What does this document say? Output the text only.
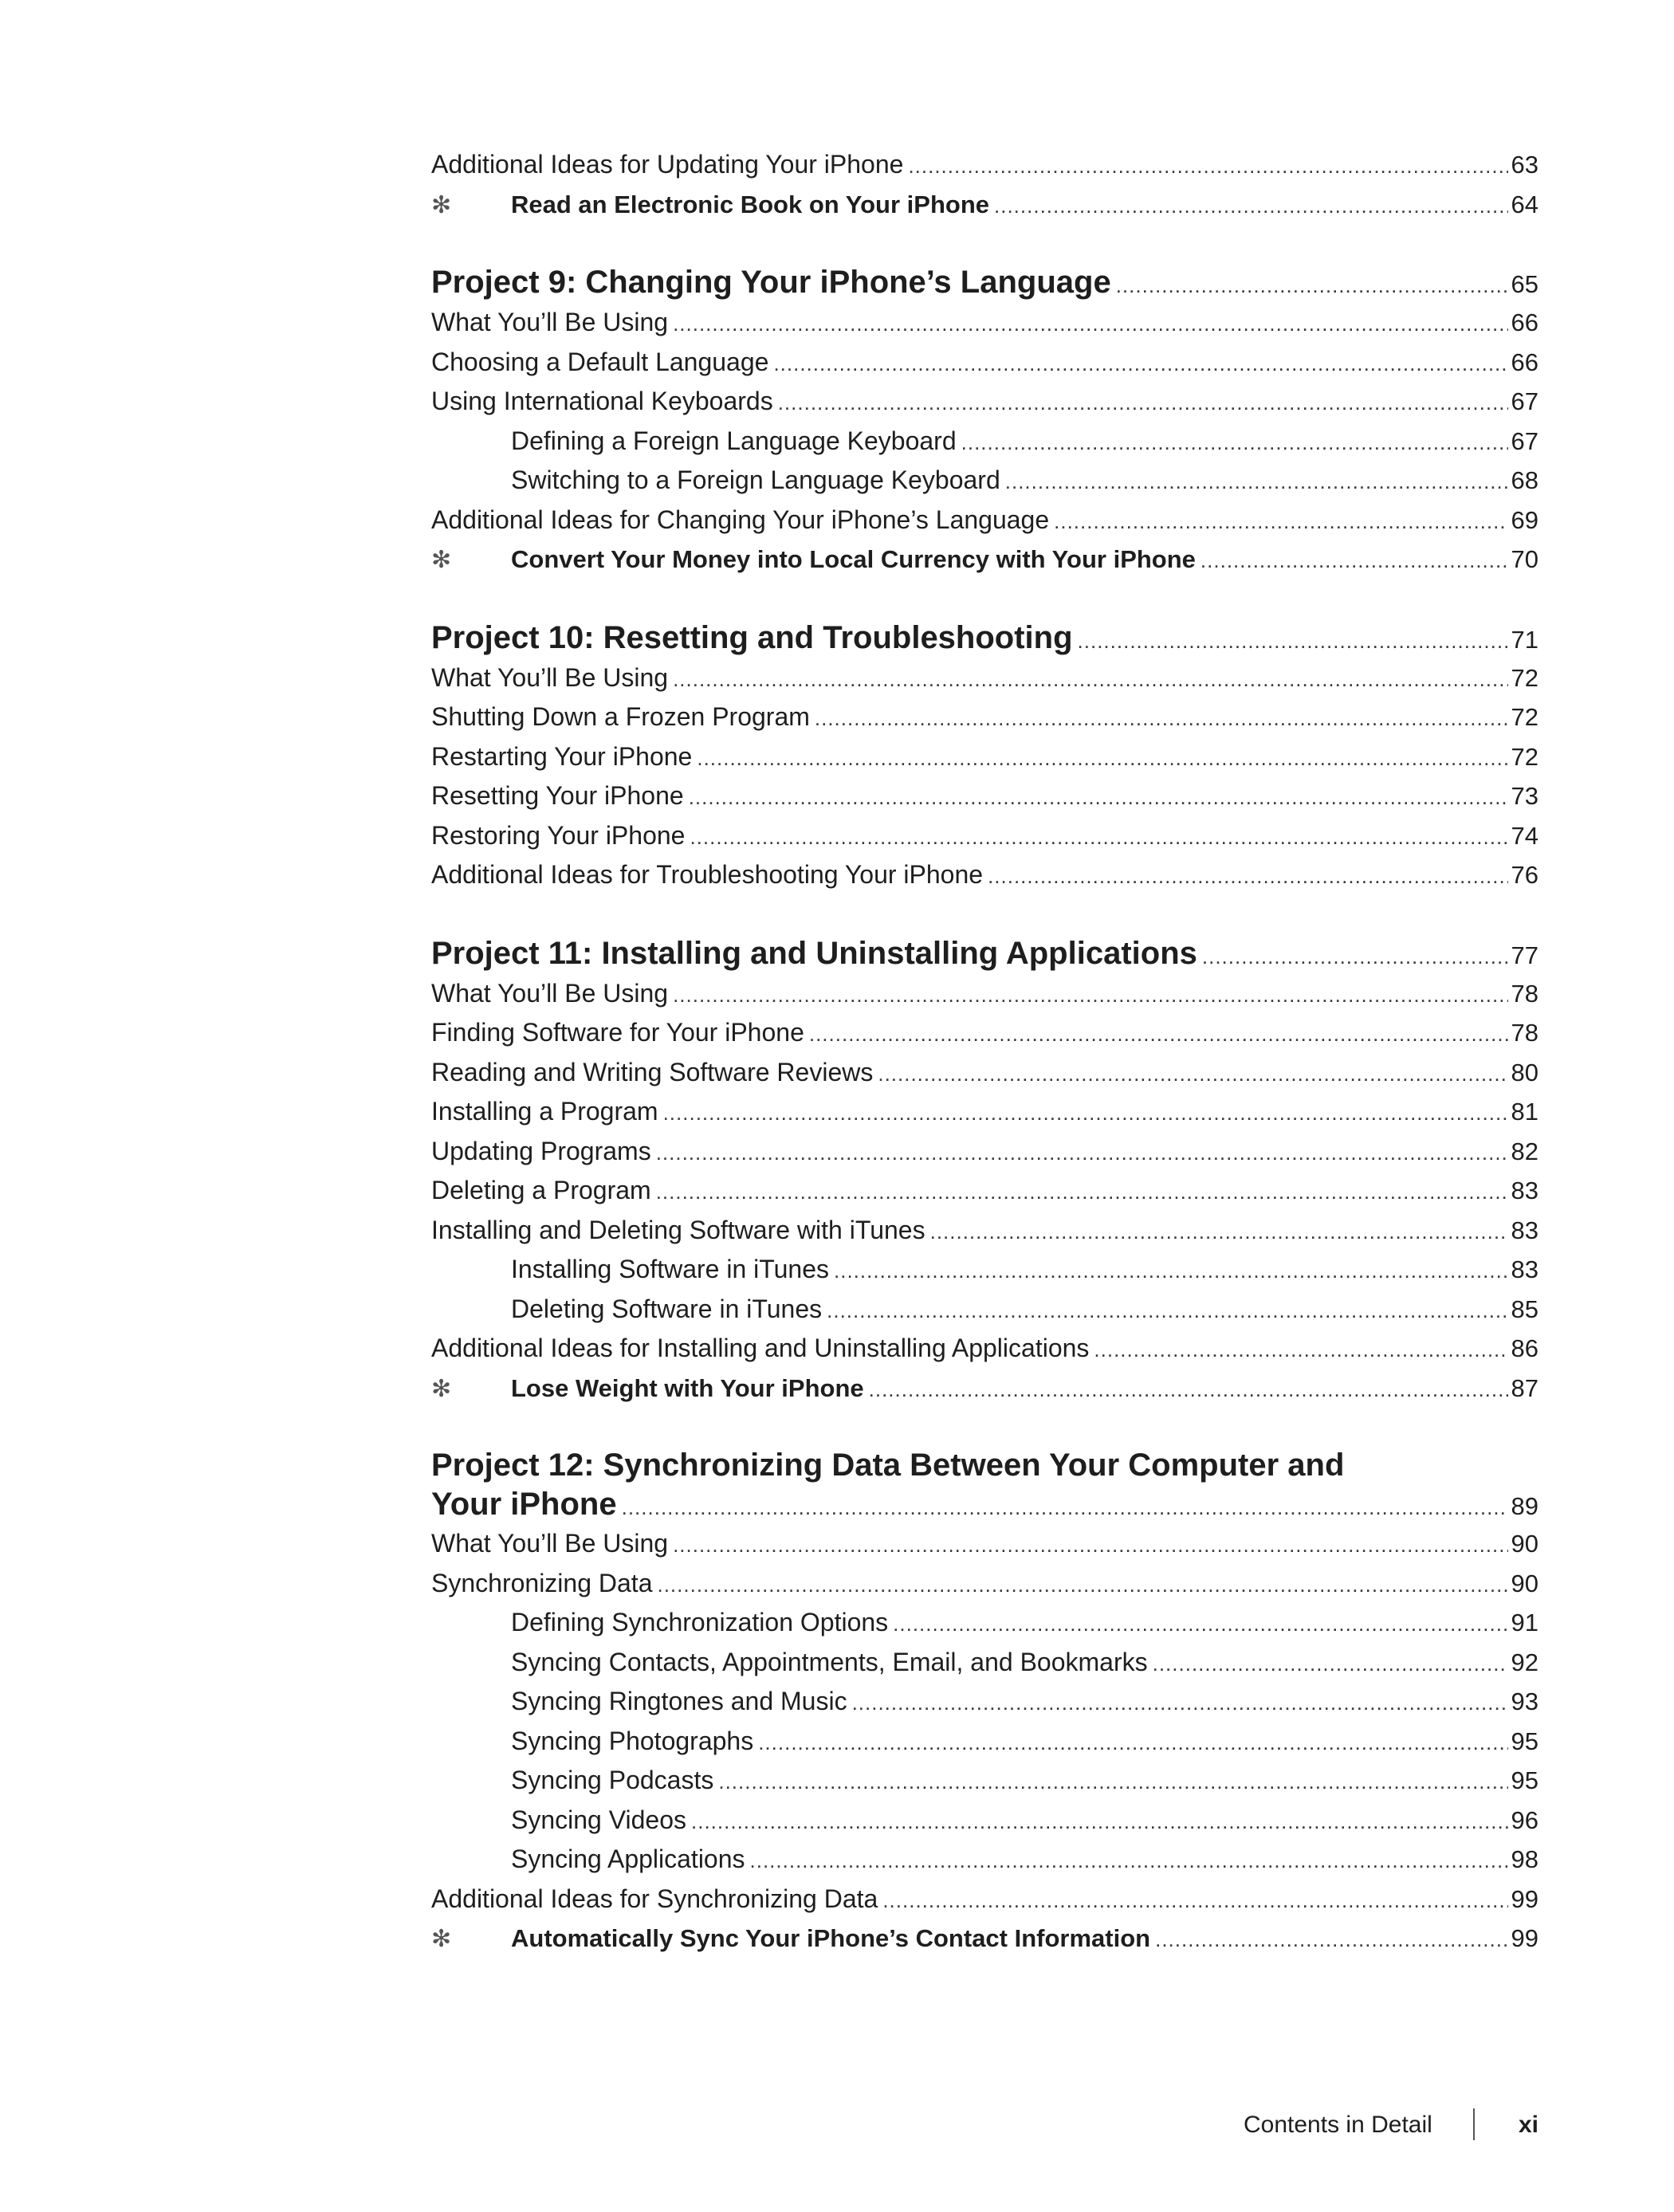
Additional Ideas for Updating Your iPhone .....	63
✻	Read an Electronic Book on Your iPhone .....	64
Project 9: Changing Your iPhone’s Language .....	65
What You’ll Be Using .....	66
Choosing a Default Language .....	66
Using International Keyboards .....	67
Defining a Foreign Language Keyboard .....	67
Switching to a Foreign Language Keyboard .....	68
Additional Ideas for Changing Your iPhone’s Language .....	69
✻	Convert Your Money into Local Currency with Your iPhone .....	70
Project 10: Resetting and Troubleshooting .....	71
What You’ll Be Using .....	72
Shutting Down a Frozen Program .....	72
Restarting Your iPhone .....	72
Resetting Your iPhone .....	73
Restoring Your iPhone .....	74
Additional Ideas for Troubleshooting Your iPhone .....	76
Project 11: Installing and Uninstalling Applications .....	77
What You’ll Be Using .....	78
Finding Software for Your iPhone .....	78
Reading and Writing Software Reviews .....	80
Installing a Program .....	81
Updating Programs .....	82
Deleting a Program .....	83
Installing and Deleting Software with iTunes .....	83
Installing Software in iTunes .....	83
Deleting Software in iTunes .....	85
Additional Ideas for Installing and Uninstalling Applications .....	86
✻	Lose Weight with Your iPhone .....	87
Project 12: Synchronizing Data Between Your Computer and
Your iPhone .....	89
What You’ll Be Using .....	90
Synchronizing Data .....	90
Defining Synchronization Options .....	91
Syncing Contacts, Appointments, Email, and Bookmarks .....	92
Syncing Ringtones and Music .....	93
Syncing Photographs .....	95
Syncing Podcasts .....	95
Syncing Videos .....	96
Syncing Applications .....	98
Additional Ideas for Synchronizing Data .....	99
✻	Automatically Sync Your iPhone’s Contact Information .....	99
Contents in Detail	xi
